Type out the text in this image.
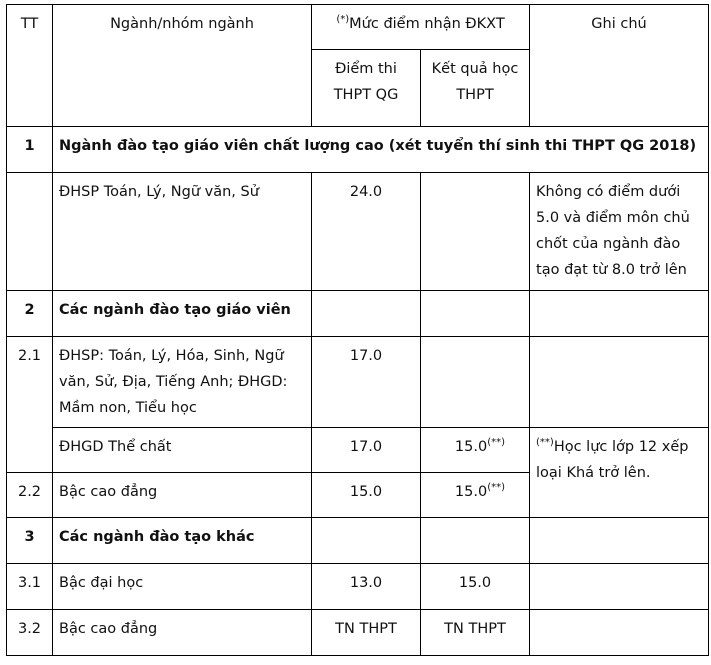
TT	Ngành/nhóm ngành	(*)Mức điểm nhận ĐKXT		Ghi chú
		Điểm thi THPT QG	Kết quả học THPT	
1	Ngành đào tạo giáo viên chất lượng cao (xét tuyển thí sinh thi THPT QG 2018)			
	ĐHSP Toán, Lý, Ngữ văn, Sử	24.0		Không có điểm dưới 5.0 và điểm môn chủ chốt của ngành đào tạo đạt từ 8.0 trở lên
2	Các ngành đào tạo giáo viên			
2.1	ĐHSP: Toán, Lý, Hóa, Sinh, Ngữ văn, Sử, Địa, Tiếng Anh; ĐHGD: Mầm non, Tiểu học	17.0		
	ĐHGD Thể chất	17.0	15.0(**)	(**)Học lực lớp 12 xếp loại Khá trở lên.
2.2	Bậc cao đẳng	15.0	15.0(**)
3	Các ngành đào tạo khác			
3.1	Bậc đại học	13.0	15.0	
3.2	Bậc cao đẳng	TN THPT	TN THPT	
